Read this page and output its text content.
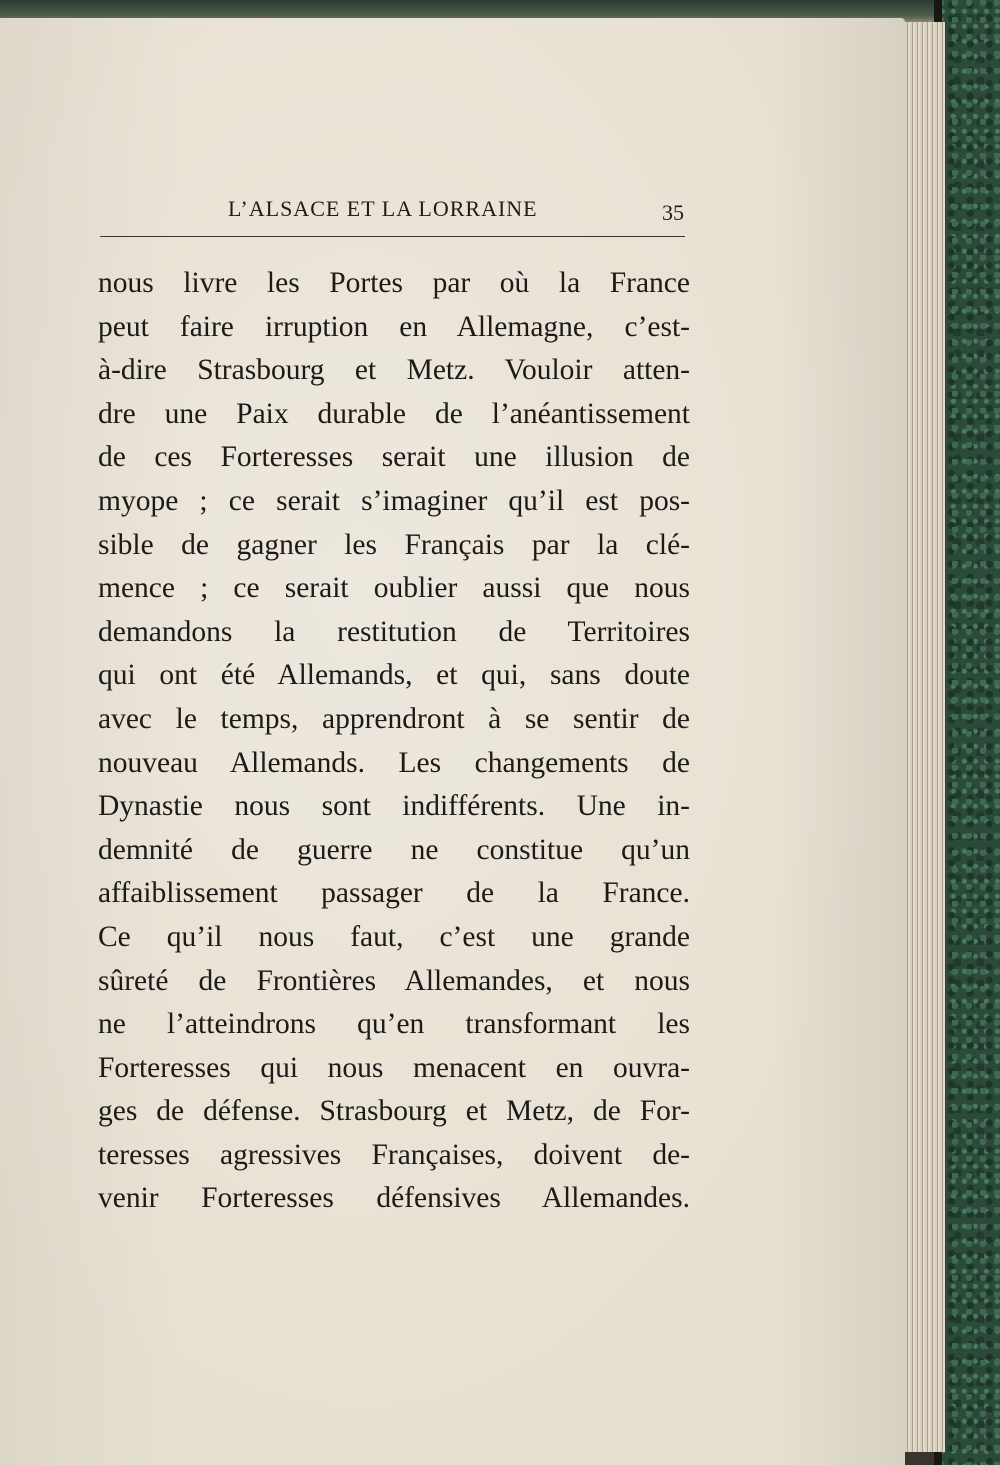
L’ALSACE ET LA LORRAINE	35
nous livre les Portes par où la France
peut faire irruption en Allemagne, c’est-
à-dire Strasbourg et Metz. Vouloir atten-
dre une Paix durable de l’anéantissement
de ces Forteresses serait une illusion de
myope ; ce serait s’imaginer qu’il est pos-
sible de gagner les Français par la clé-
mence ; ce serait oublier aussi que nous
demandons la restitution de Territoires
qui ont été Allemands, et qui, sans doute
avec le temps, apprendront à se sentir de
nouveau Allemands. Les changements de
Dynastie nous sont indifférents. Une in-
demnité de guerre ne constitue qu’un
affaiblissement passager de la France.
Ce qu’il nous faut, c’est une grande
sûreté de Frontières Allemandes, et nous
ne l’atteindrons qu’en transformant les
Forteresses qui nous menacent en ouvra-
ges de défense. Strasbourg et Metz, de For-
teresses agressives Françaises, doivent de-
venir Forteresses défensives Allemandes.
